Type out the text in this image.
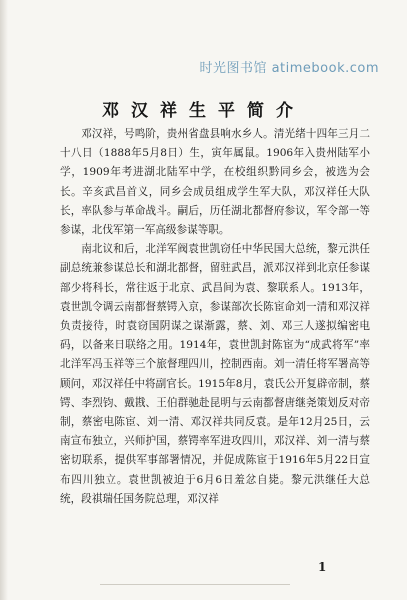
时光图书馆 atimebook.com
邓汉祥生平简介

邓汉祥，号鸣阶，贵州省盘县响水乡人。清光绪十四年三月二十八日（1888年5月8日）生，寅年属鼠。1906年入贵州陆军小学，1909年考进湖北陆军中学，在校组织黔同乡会，被选为会长。辛亥武昌首义，同乡会成员组成学生军大队，邓汉祥任大队长，率队参与革命战斗。嗣后，历任湖北都督府参议，军令部一等参谋，北伐军第一军高级参谋等职。

南北议和后，北洋军阀袁世凯窃任中华民国大总统，黎元洪任副总统兼参谋总长和湖北都督，留驻武昌，派邓汉祥到北京任参谋部少将科长，常往返于北京、武昌间为袁、黎联系人。1913年，袁世凯令调云南都督蔡锷入京，参谋部次长陈宦命刘一清和邓汉祥负责接待，时袁窃国阴谋之谋渐露，蔡、刘、邓三人遂拟编密电码，以备来日联络之用。1914年，袁世凯封陈宦为“成武将军”率北洋军冯玉祥等三个旅督理四川，控制西南。刘一清任将军署高等顾问，邓汉祥任中将副官长。1915年8月，袁氏公开复辟帝制，蔡锷、李烈钧、戴戡、王伯群驰赴昆明与云南都督唐继尧策划反对帝制，蔡密电陈宦、刘一清、邓汉祥共同反袁。是年12月25日，云南宣布独立，兴师护国，蔡锷率军进攻四川，邓汉祥、刘一清与蔡密切联系，提供军事部署情况，并促成陈宦于1916年5月22日宣布四川独立。袁世凯被迫于6月6日羞忿自毙。黎元洪继任大总统，段祺瑞任国务院总理，邓汉祥

1
